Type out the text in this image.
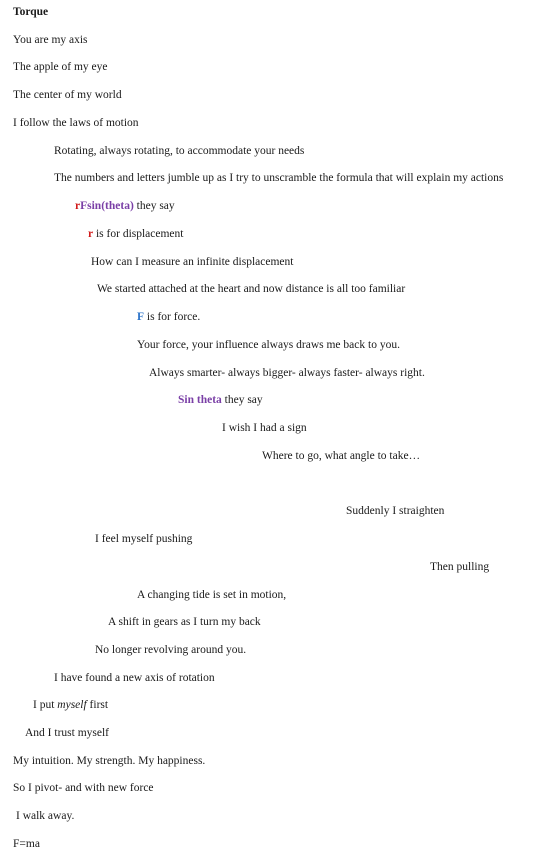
Torque
You are my axis
The apple of my eye
The center of my world
I follow the laws of motion
Rotating, always rotating, to accommodate your needs
The numbers and letters jumble up as I try to unscramble the formula that will explain my actions
rFsin(theta) they say
r is for displacement
How can I measure an infinite displacement
We started attached at the heart and now distance is all too familiar
F is for force.
Your force, your influence always draws me back to you.
Always smarter- always bigger- always faster- always right.
Sin theta they say
I wish I had a sign
Where to go, what angle to take…
Suddenly I straighten
I feel myself pushing
Then pulling
A changing tide is set in motion,
A shift in gears as I turn my back
No longer revolving around you.
I have found a new axis of rotation
I put myself first
And I trust myself
My intuition. My strength. My happiness.
So I pivot- and with new force
I walk away.
F=ma
